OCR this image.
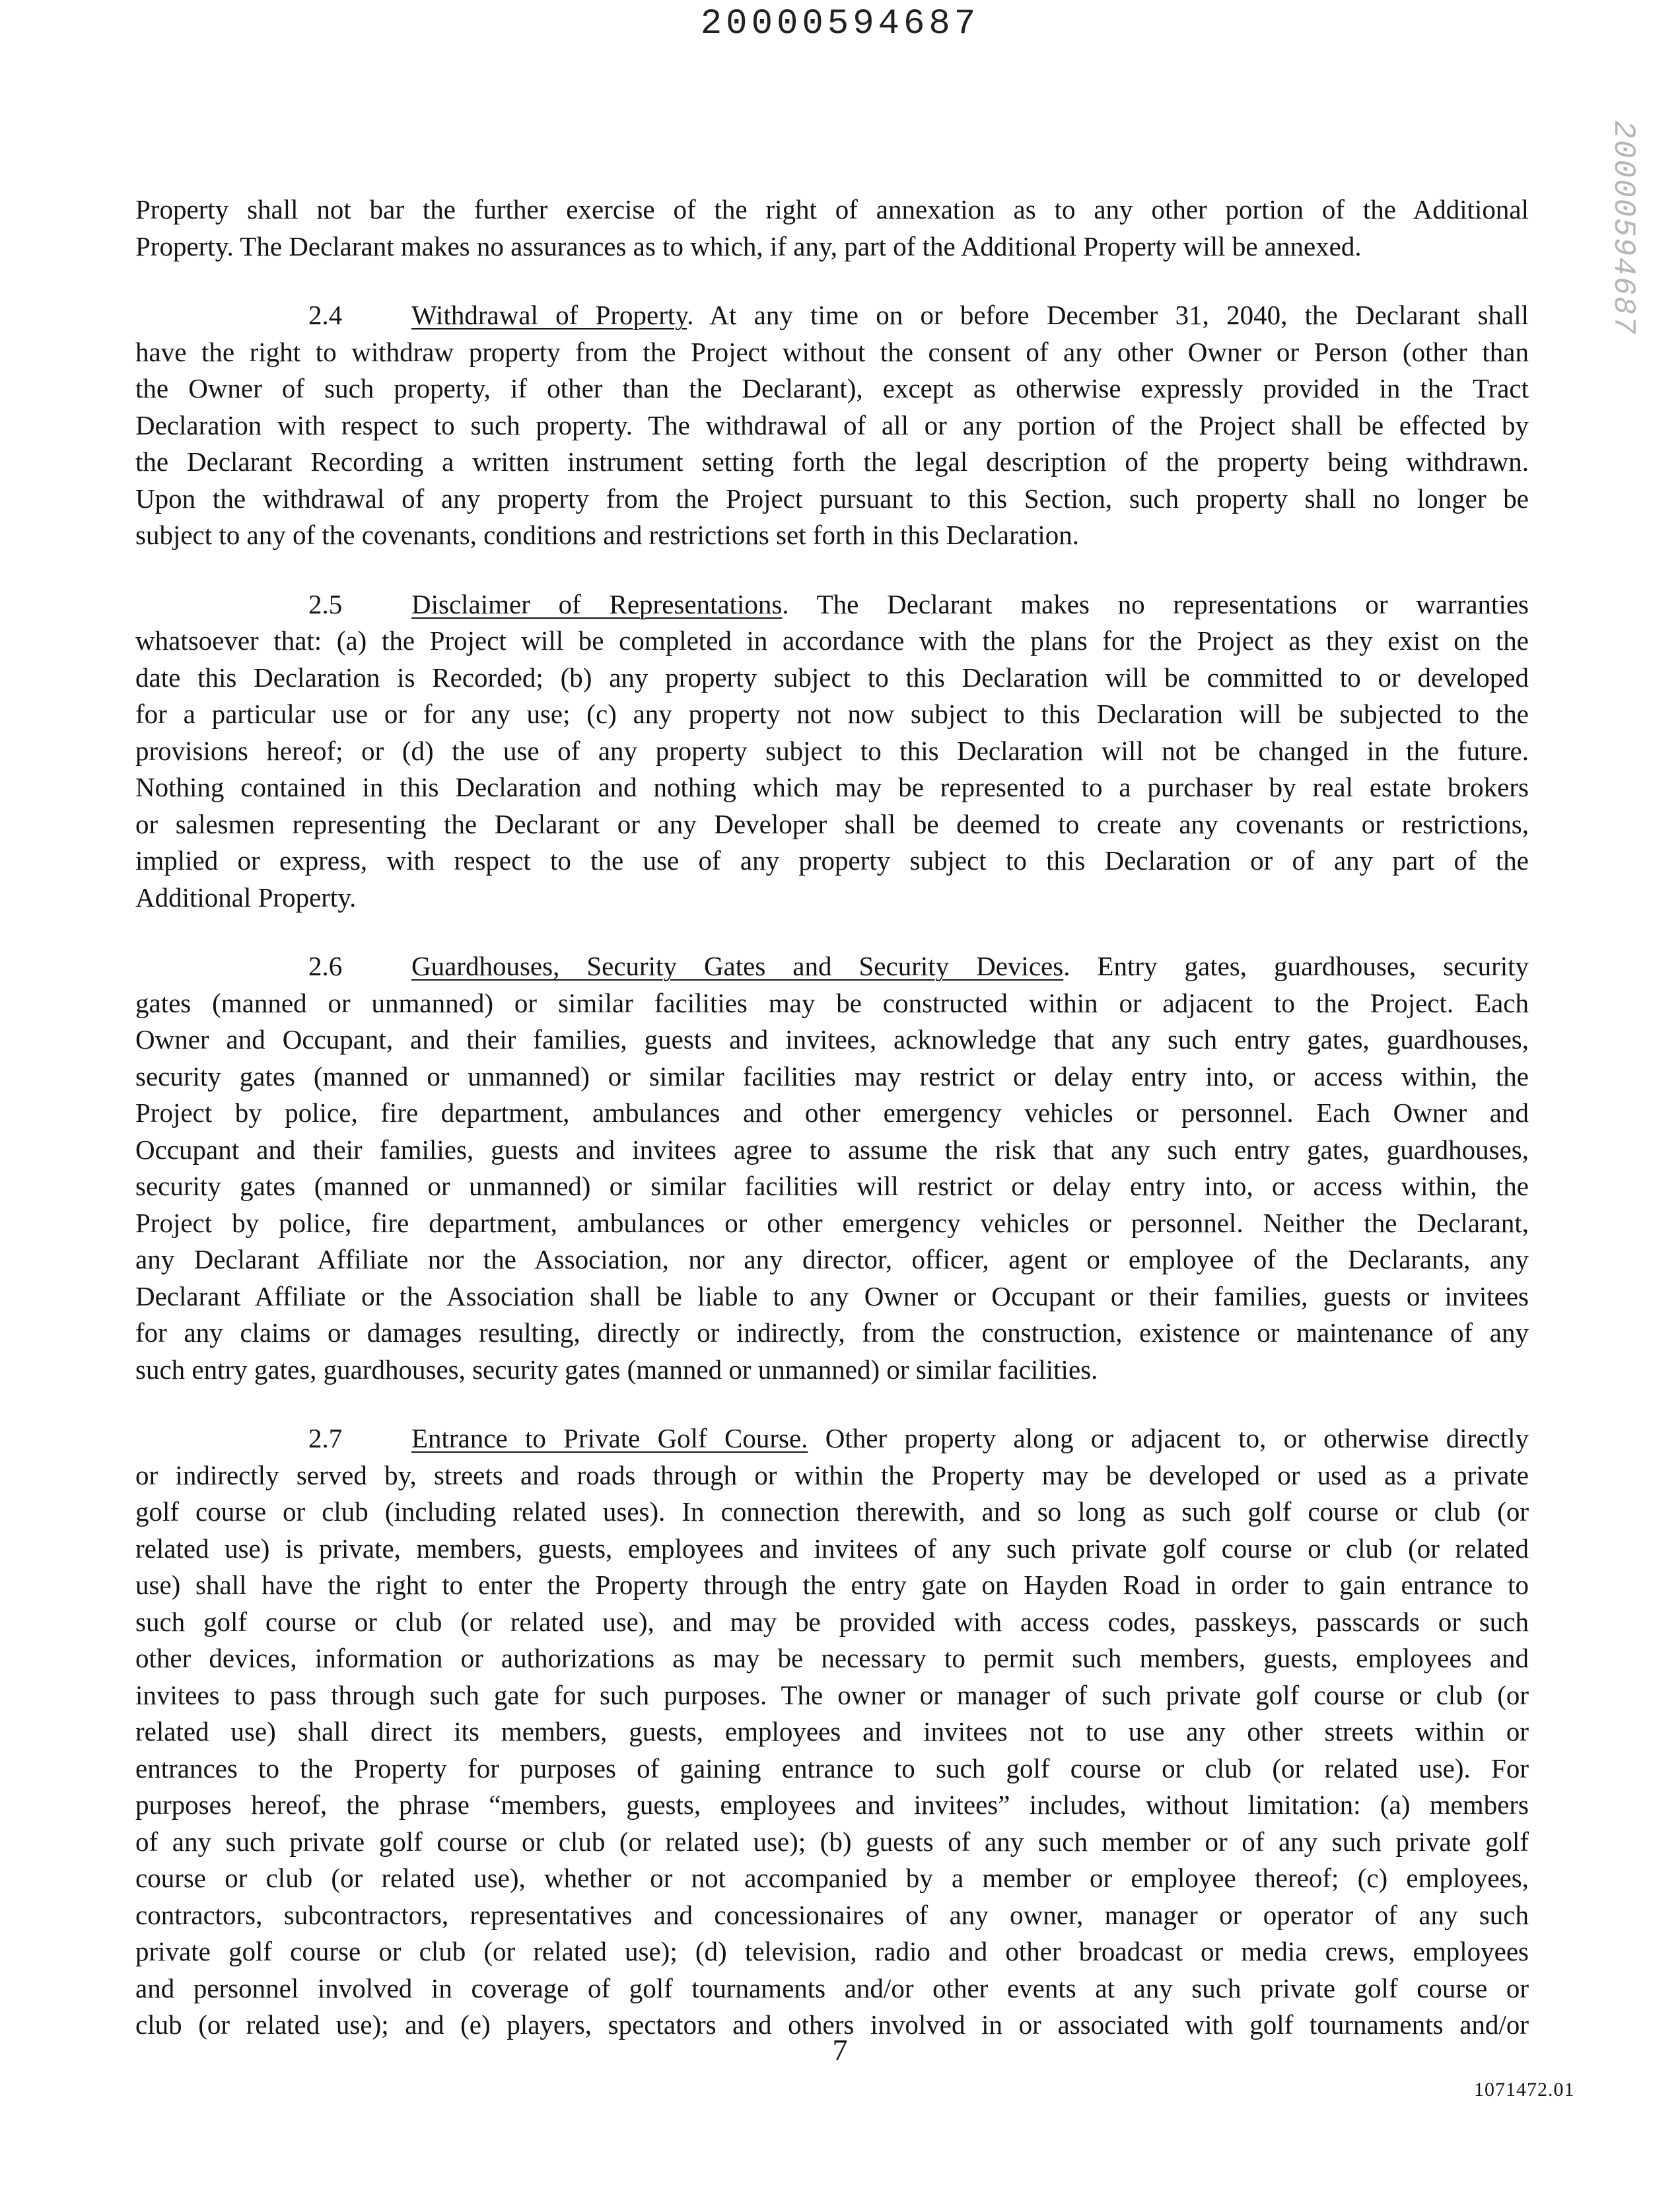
20000594687
20000594687
Property shall not bar the further exercise of the right of annexation as to any other portion of the Additional
Property. The Declarant makes no assurances as to which, if any, part of the Additional Property will be annexed.
2.4	Withdrawal of Property. At any time on or before December 31, 2040, the Declarant shall
have the right to withdraw property from the Project without the consent of any other Owner or Person (other than
the Owner of such property, if other than the Declarant), except as otherwise expressly provided in the Tract
Declaration with respect to such property. The withdrawal of all or any portion of the Project shall be effected by
the Declarant Recording a written instrument setting forth the legal description of the property being withdrawn.
Upon the withdrawal of any property from the Project pursuant to this Section, such property shall no longer be
subject to any of the covenants, conditions and restrictions set forth in this Declaration.
2.5	Disclaimer of Representations. The Declarant makes no representations or warranties
whatsoever that: (a) the Project will be completed in accordance with the plans for the Project as they exist on the
date this Declaration is Recorded; (b) any property subject to this Declaration will be committed to or developed
for a particular use or for any use; (c) any property not now subject to this Declaration will be subjected to the
provisions hereof; or (d) the use of any property subject to this Declaration will not be changed in the future.
Nothing contained in this Declaration and nothing which may be represented to a purchaser by real estate brokers
or salesmen representing the Declarant or any Developer shall be deemed to create any covenants or restrictions,
implied or express, with respect to the use of any property subject to this Declaration or of any part of the
Additional Property.
2.6	Guardhouses, Security Gates and Security Devices. Entry gates, guardhouses, security
gates (manned or unmanned) or similar facilities may be constructed within or adjacent to the Project. Each
Owner and Occupant, and their families, guests and invitees, acknowledge that any such entry gates, guardhouses,
security gates (manned or unmanned) or similar facilities may restrict or delay entry into, or access within, the
Project by police, fire department, ambulances and other emergency vehicles or personnel. Each Owner and
Occupant and their families, guests and invitees agree to assume the risk that any such entry gates, guardhouses,
security gates (manned or unmanned) or similar facilities will restrict or delay entry into, or access within, the
Project by police, fire department, ambulances or other emergency vehicles or personnel. Neither the Declarant,
any Declarant Affiliate nor the Association, nor any director, officer, agent or employee of the Declarants, any
Declarant Affiliate or the Association shall be liable to any Owner or Occupant or their families, guests or invitees
for any claims or damages resulting, directly or indirectly, from the construction, existence or maintenance of any
such entry gates, guardhouses, security gates (manned or unmanned) or similar facilities.
2.7	Entrance to Private Golf Course. Other property along or adjacent to, or otherwise directly
or indirectly served by, streets and roads through or within the Property may be developed or used as a private
golf course or club (including related uses). In connection therewith, and so long as such golf course or club (or
related use) is private, members, guests, employees and invitees of any such private golf course or club (or related
use) shall have the right to enter the Property through the entry gate on Hayden Road in order to gain entrance to
such golf course or club (or related use), and may be provided with access codes, passkeys, passcards or such
other devices, information or authorizations as may be necessary to permit such members, guests, employees and
invitees to pass through such gate for such purposes. The owner or manager of such private golf course or club (or
related use) shall direct its members, guests, employees and invitees not to use any other streets within or
entrances to the Property for purposes of gaining entrance to such golf course or club (or related use). For
purposes hereof, the phrase “members, guests, employees and invitees” includes, without limitation: (a) members
of any such private golf course or club (or related use); (b) guests of any such member or of any such private golf
course or club (or related use), whether or not accompanied by a member or employee thereof; (c) employees,
contractors, subcontractors, representatives and concessionaires of any owner, manager or operator of any such
private golf course or club (or related use); (d) television, radio and other broadcast or media crews, employees
and personnel involved in coverage of golf tournaments and/or other events at any such private golf course or
club (or related use); and (e) players, spectators and others involved in or associated with golf tournaments and/or
7
1071472.01
